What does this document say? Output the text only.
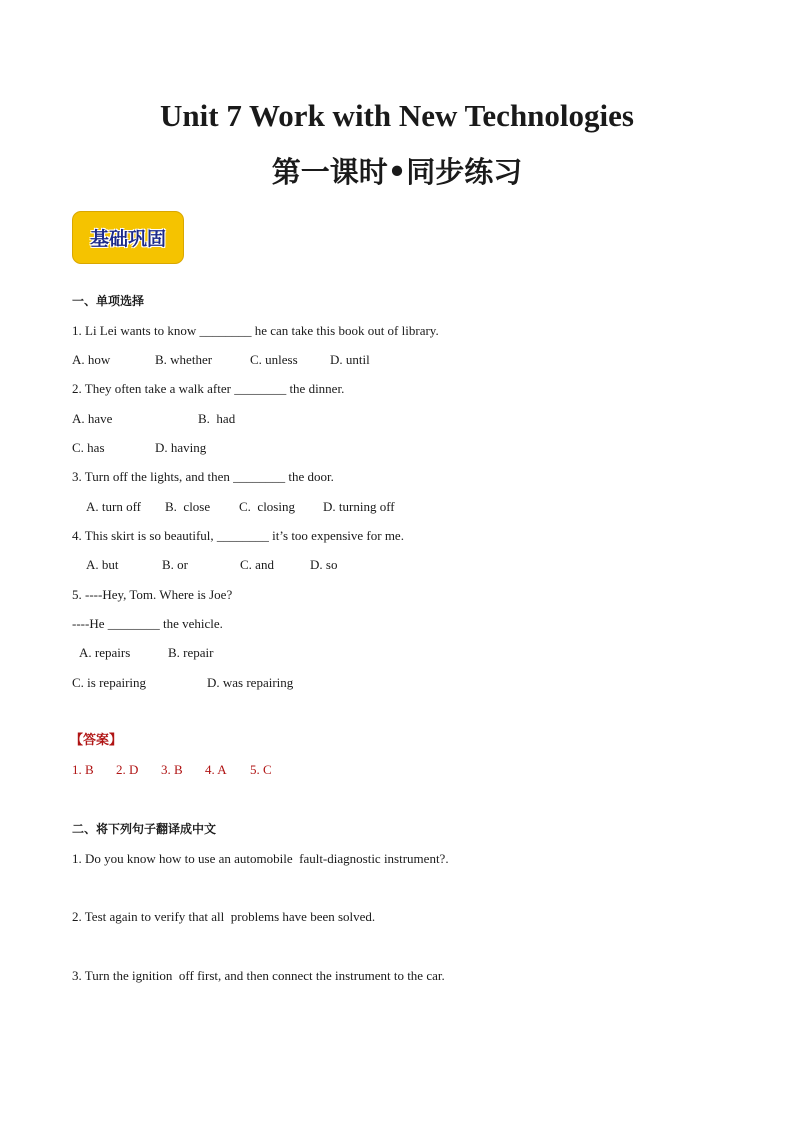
Unit 7 Work with New Technologies
第一课时•同步练习
基础巩固
一、单项选择
1. Li Lei wants to know ________ he can take this book out of library.
A. how	B. whether	C. unless D. until
2. They often take a walk after ________ the dinner.
A. have	B.  had
C. has	D. having
3. Turn off the lights, and then ________ the door.
A. turn off B.  close C.  closing D. turning off
4. This skirt is so beautiful, ________ it’s too expensive for me.
A. but	B. or	C. and	D. so
5. ----Hey, Tom. Where is Joe?
----He ________ the vehicle.
A. repairs	B. repair
C. is repairing	D. was repairing
【答案】
1. B 2. D 3. B 4. A 5. C
二、将下列句子翻译成中文
1. Do you know how to use an automobile  fault-diagnostic instrument?.
2. Test again to verify that all  problems have been solved.
3. Turn the ignition  off first, and then connect the instrument to the car.
